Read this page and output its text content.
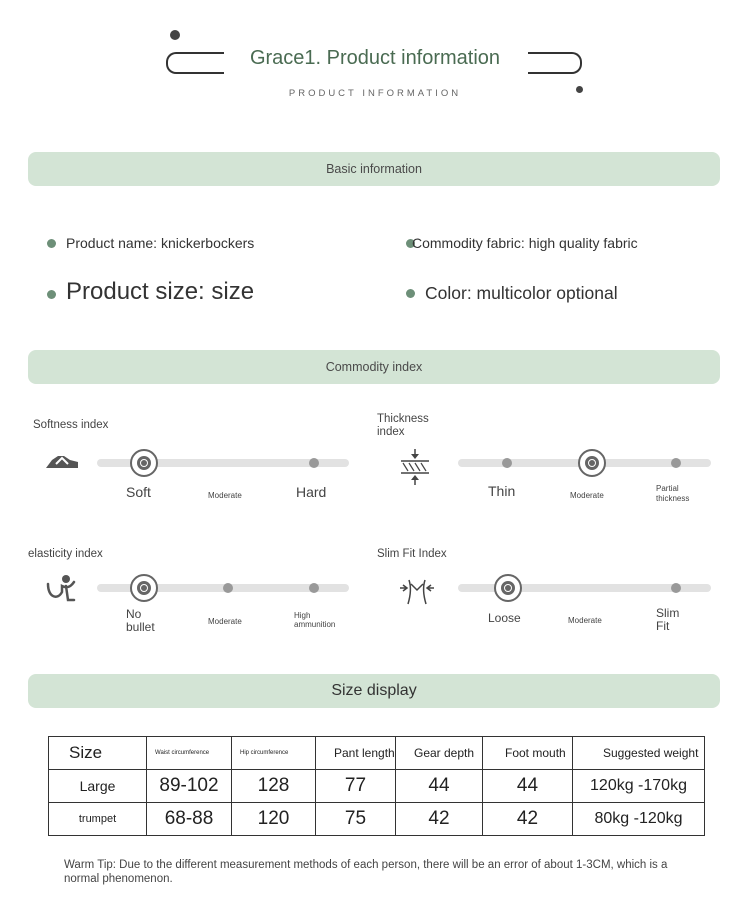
Grace1. Product information
PRODUCT INFORMATION
Basic information
Product name: knickerbockers	Commodity fabric: high quality fabric
Product size: size	Color: multicolor optional
Commodity index
Softness index
Soft	Moderate	Hard
Thickness index
Thin	Moderate
Partial thickness
elasticity index
No bullet	Moderate
High ammunition
Slim Fit Index
Loose	Moderate
Slim Fit
Size display
Size	Waist circumference	Hip circumference	Pant length	Gear depth	Foot mouth	Suggested weight
Large	89-102	128	77	44	44	120kg -170kg
trumpet	68-88	120	75	42	42	80kg -120kg
Warm Tip: Due to the different measurement methods of each person, there will be an error of about 1-3CM, which is a normal phenomenon.
